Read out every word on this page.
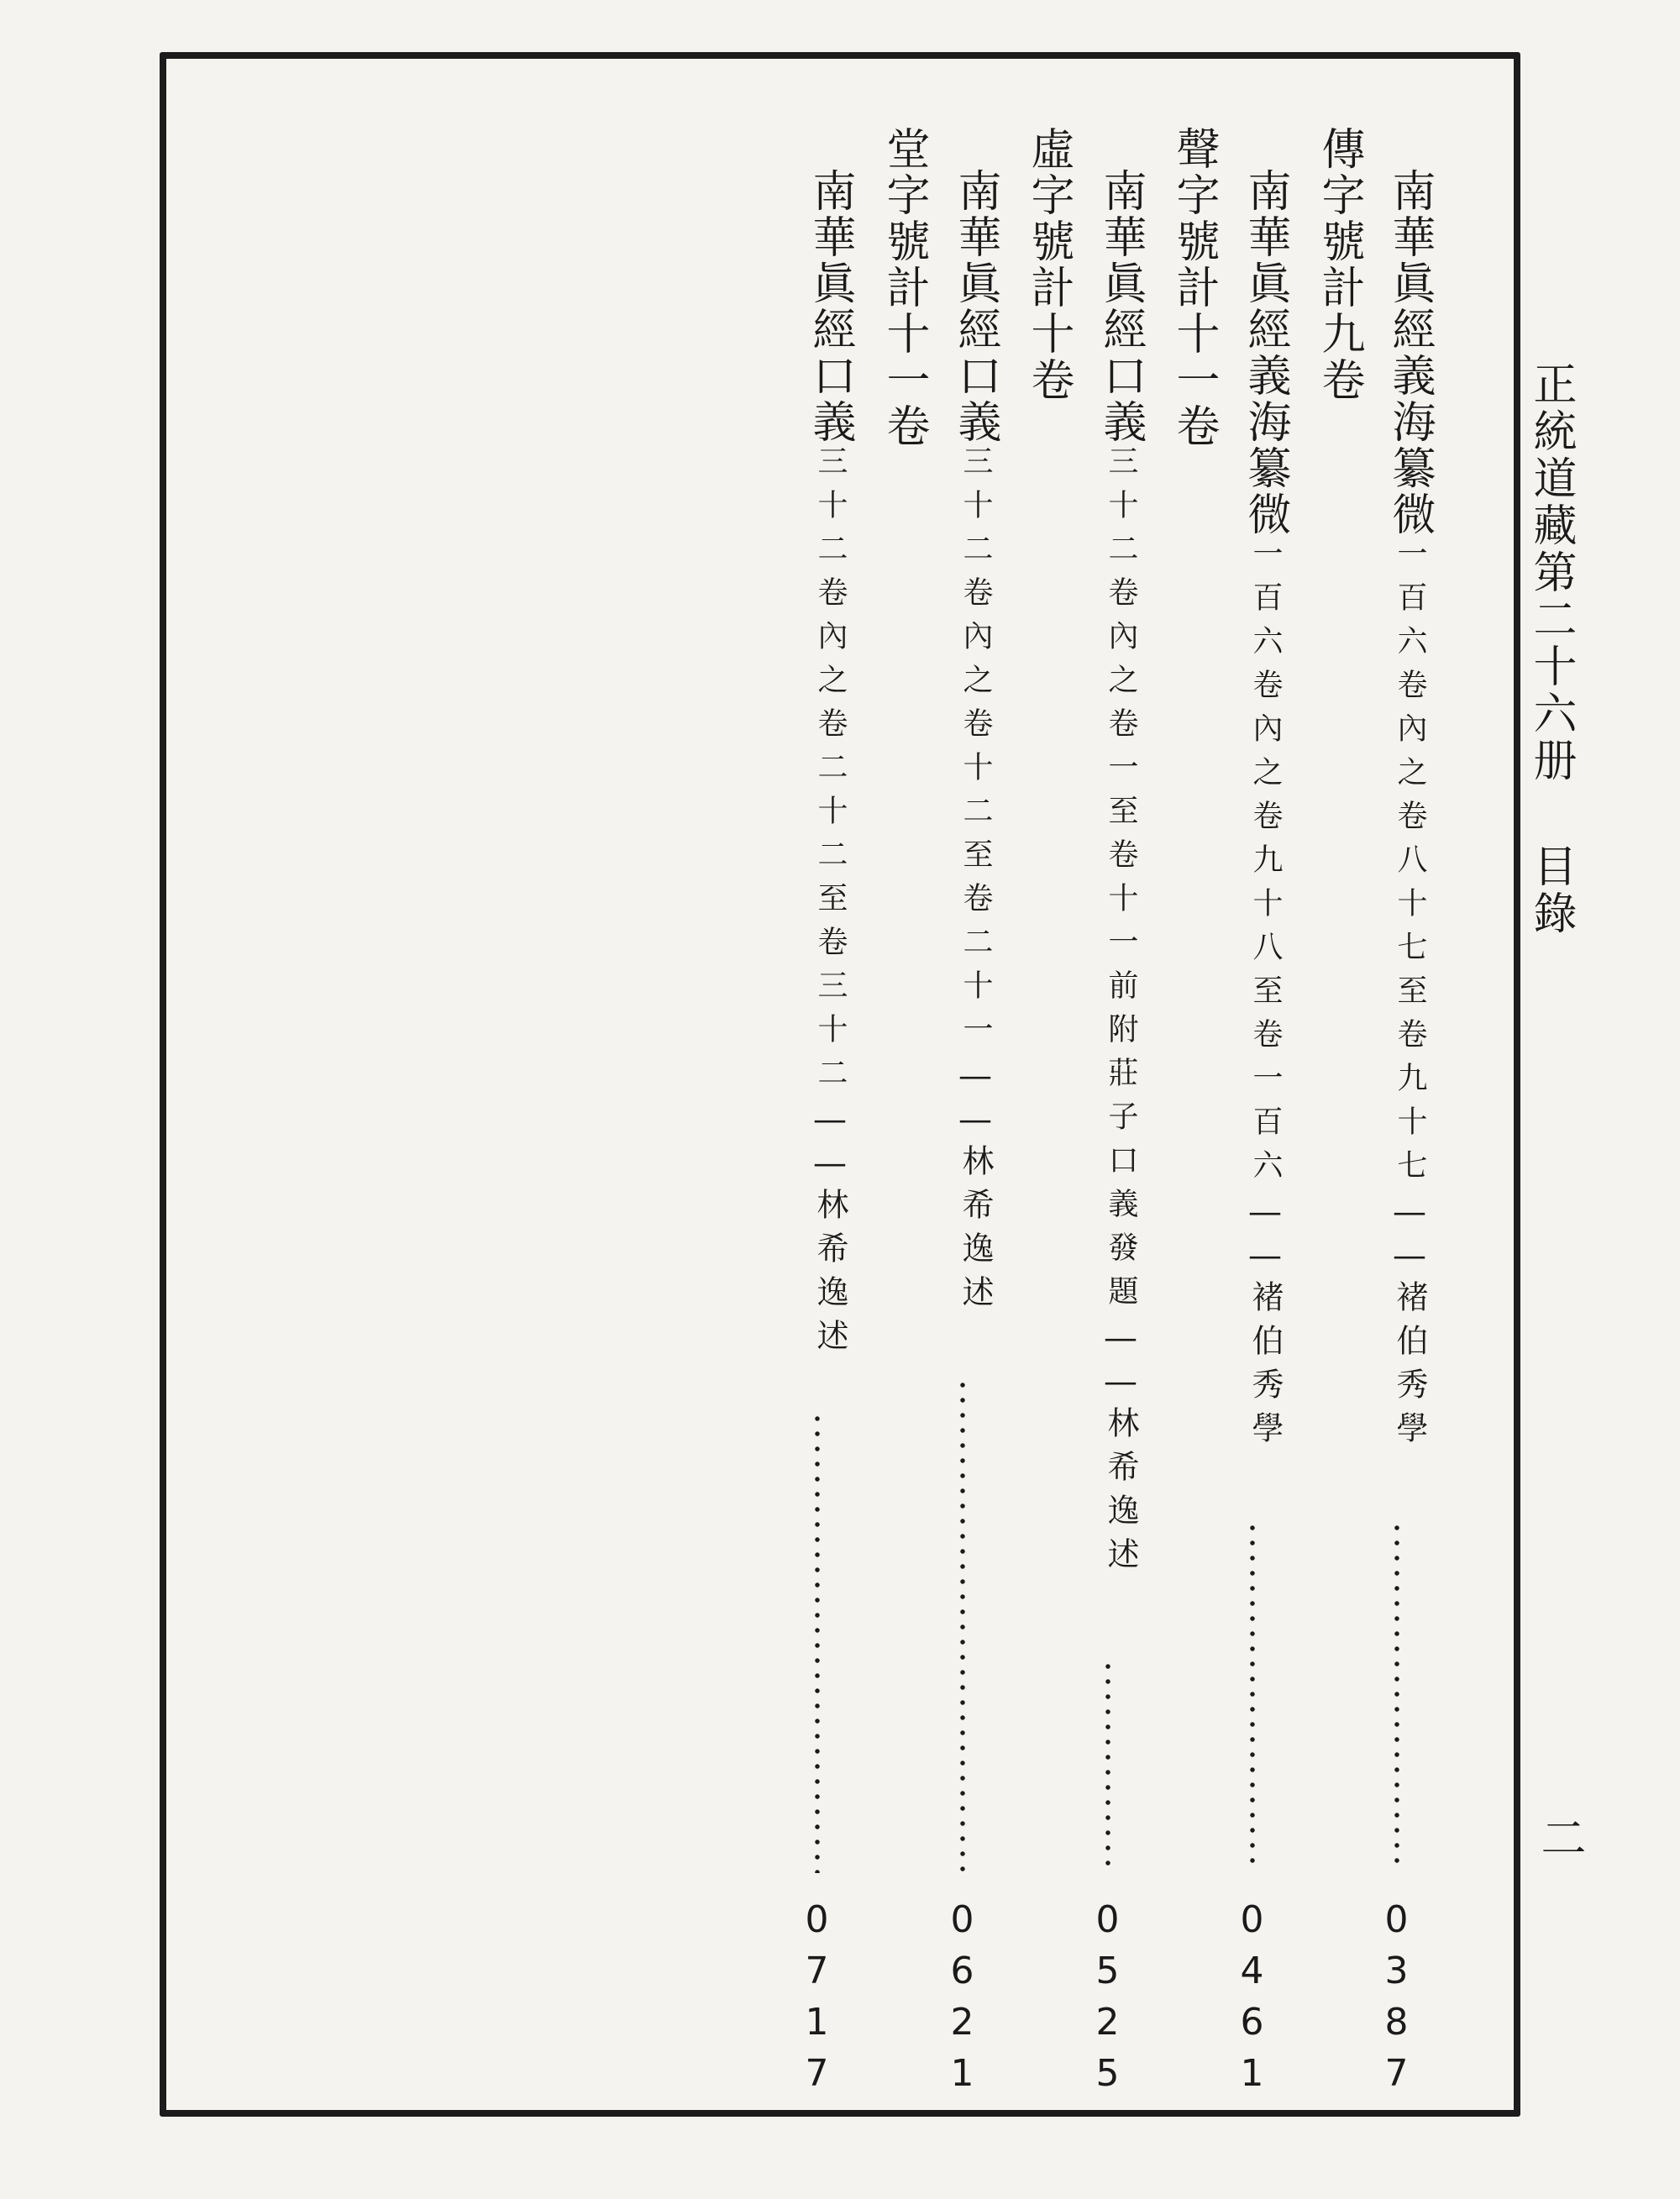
正統道藏第二十六册目錄
二
南華眞經義海纂微一百六卷內之卷八十七至卷九十七——褚伯秀學
0387
傳字號計九卷
南華眞經義海纂微一百六卷內之卷九十八至卷一百六——褚伯秀學
0461
聲字號計十一卷
南華眞經口義三十二卷內之卷一至卷十一前附莊子口義發題——林希逸述
0525
虛字號計十卷
南華眞經口義三十二卷內之卷十二至卷二十一——林希逸述
0621
堂字號計十一卷
南華眞經口義三十二卷內之卷二十二至卷三十二——林希逸述
0717
